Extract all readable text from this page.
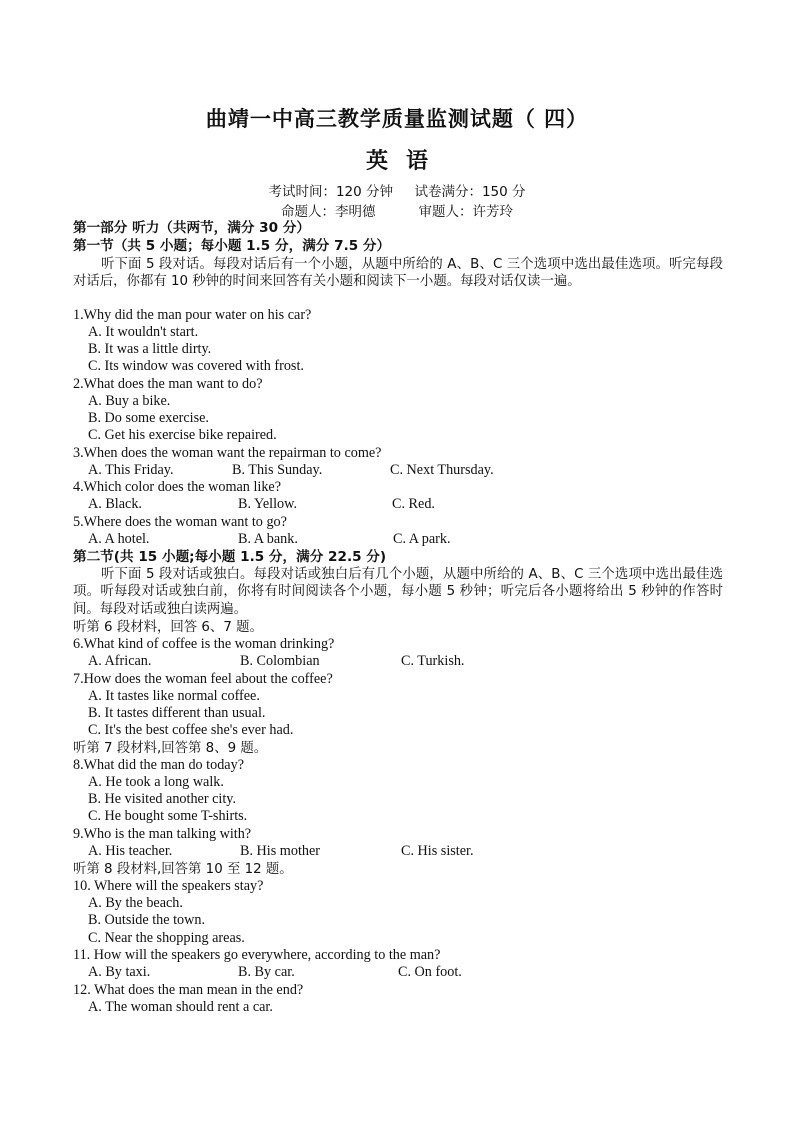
曲靖一中高三教学质量监测试题（ 四）
英语
考试时间：120 分钟     试卷满分：150 分
命题人：李明德          审题人：许芳玲
第一部分 听力（共两节，满分 30 分）
第一节（共 5 小题；每小题 1.5 分，满分 7.5 分）
听下面 5 段对话。每段对话后有一个小题，从题中所给的 A、B、C 三个选项中选出最佳选项。听完每段对话后，你都有 10 秒钟的时间来回答有关小题和阅读下一小题。每段对话仅读一遍。
1.Why did the man pour water on his car?
A. It wouldn't start.
B. It was a little dirty.
C. Its window was covered with frost.
2.What does the man want to do?
A. Buy a bike.
B. Do some exercise.
C. Get his exercise bike repaired.
3.When does the woman want the repairman to come?
A. This Friday.	B. This Sunday.	C. Next Thursday.
4.Which color does the woman like?
A. Black.	B. Yellow.	C. Red.
5.Where does the woman want to go?
A. A hotel.	B. A bank.	C. A park.
第二节(共 15 小题;每小题 1.5 分，满分 22.5 分)
听下面 5 段对话或独白。每段对话或独白后有几个小题，从题中所给的 A、B、C 三个选项中选出最佳选项。听每段对话或独白前，你将有时间阅读各个小题，每小题 5 秒钟；听完后各小题将给出 5 秒钟的作答时间。每段对话或独白读两遍。
听第 6 段材料，回答 6、7 题。
6.What kind of coffee is the woman drinking?
A. African.	B. Colombian	C. Turkish.
7.How does the woman feel about the coffee?
A. It tastes like normal coffee.
B. It tastes different than usual.
C. It's the best coffee she's ever had.
听第 7 段材料,回答第 8、9 题。
8.What did the man do today?
A. He took a long walk.
B. He visited another city.
C. He bought some T-shirts.
9.Who is the man talking with?
A. His teacher.	B. His mother	C. His sister.
听第 8 段材料,回答第 10 至 12 题。
10. Where will the speakers stay?
A. By the beach.
B. Outside the town.
C. Near the shopping areas.
11. How will the speakers go everywhere, according to the man?
A. By taxi.	B. By car.	C. On foot.
12. What does the man mean in the end?
A. The woman should rent a car.
